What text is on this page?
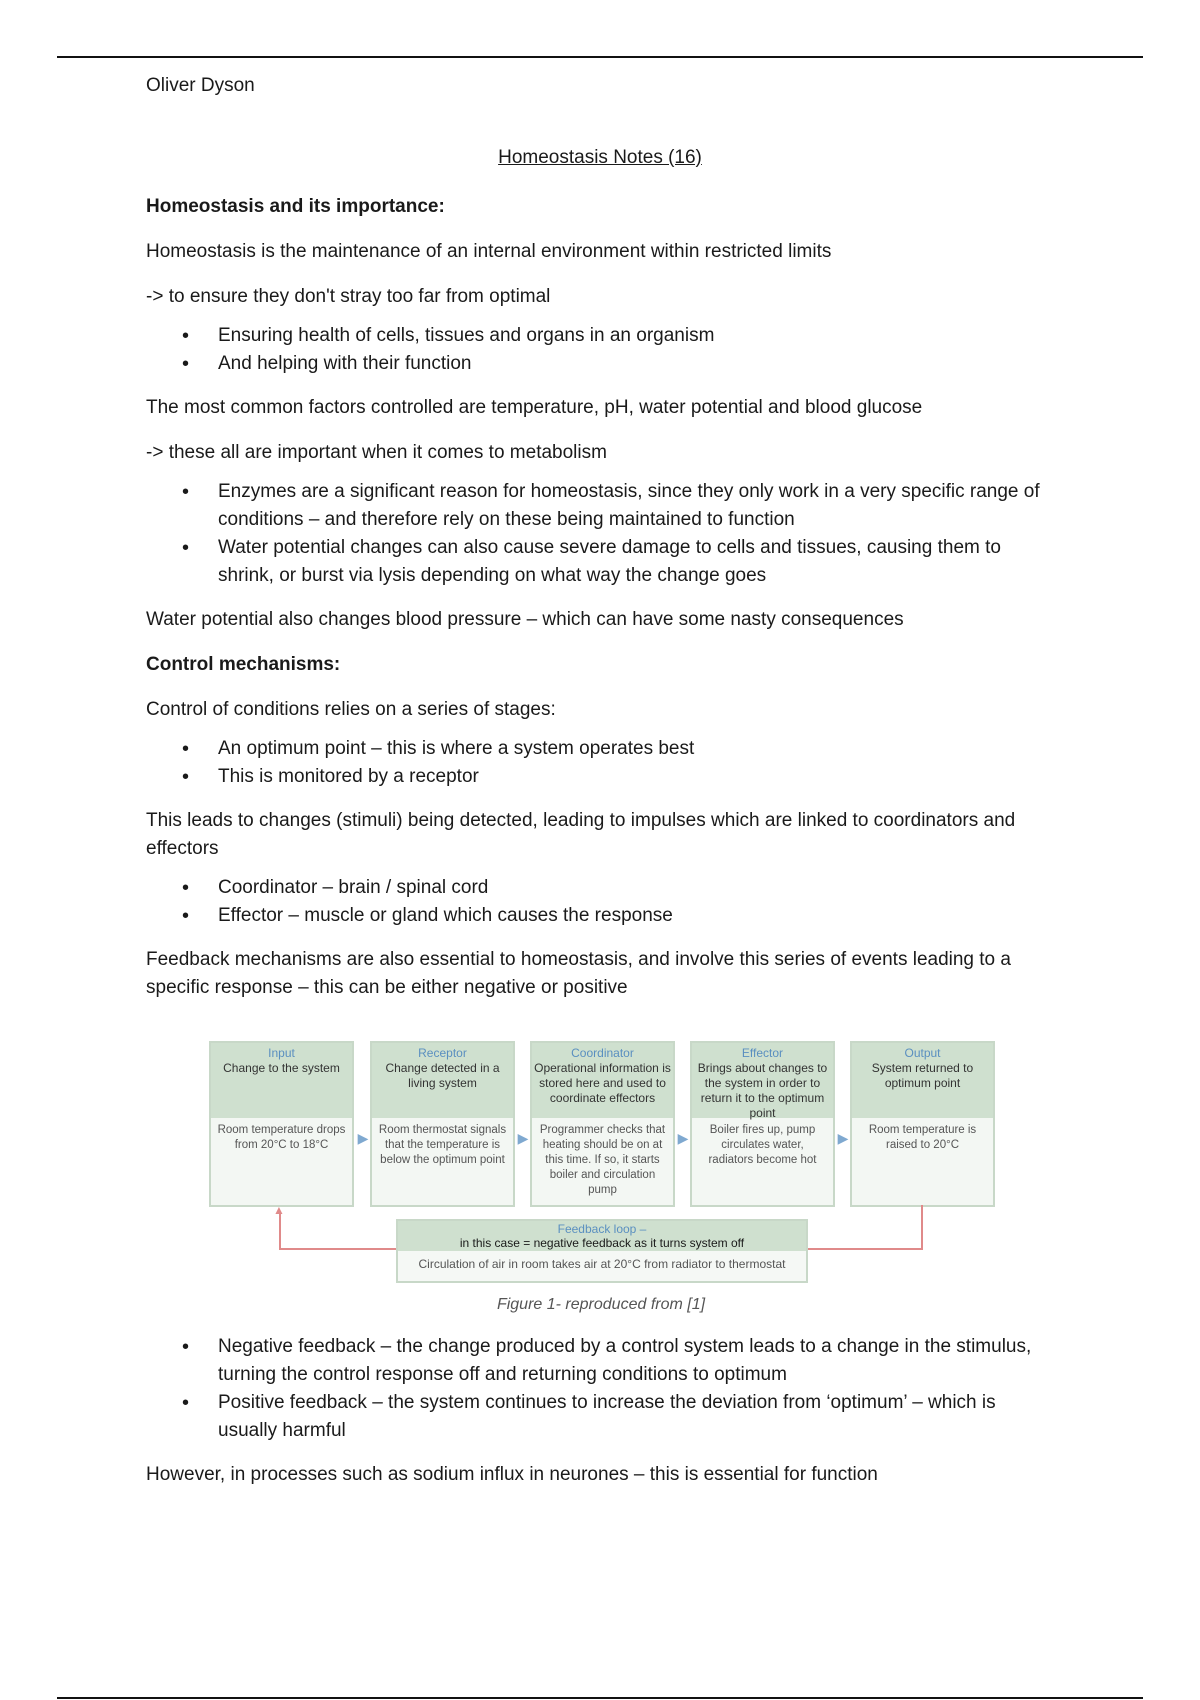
Oliver Dyson
Homeostasis Notes (16)
Homeostasis and its importance:

Homeostasis is the maintenance of an internal environment within restricted limits

-> to ensure they don't stray too far from optimal

• Ensuring health of cells, tissues and organs in an organism
• And helping with their function

The most common factors controlled are temperature, pH, water potential and blood glucose

-> these all are important when it comes to metabolism

• Enzymes are a significant reason for homeostasis, since they only work in a very specific range of conditions – and therefore rely on these being maintained to function
• Water potential changes can also cause severe damage to cells and tissues, causing them to shrink, or burst via lysis depending on what way the change goes

Water potential also changes blood pressure – which can have some nasty consequences

Control mechanisms:

Control of conditions relies on a series of stages:

• An optimum point – this is where a system operates best
• This is monitored by a receptor

This leads to changes (stimuli) being detected, leading to impulses which are linked to coordinators and effectors

• Coordinator – brain / spinal cord
• Effector – muscle or gland which causes the response

Feedback mechanisms are also essential to homeostasis, and involve this series of events leading to a specific response – this can be either negative or positive

Input
Change to the system
Room temperature drops from 20°C to 18°C	▶
Receptor
Change detected in a living system
Room thermostat signals that the temperature is below the optimum point
▶
Coordinator
Operational information is stored here and used to coordinate effectors
Programmer checks that heating should be on at this time. If so, it starts boiler and circulation pump
▶
Effector
Brings about changes to the system in order to return it to the optimum point
Boiler fires up, pump circulates water, radiators become hot
▶
Output
System returned to optimum point
Room temperature is raised to 20°C
▲
Feedback loop –
in this case = negative feedback as it turns system off
Circulation of air in room takes air at 20°C from radiator to thermostat
Figure 1- reproduced from [1]
• Negative feedback – the change produced by a control system leads to a change in the stimulus, turning the control response off and returning conditions to optimum
• Positive feedback – the system continues to increase the deviation from ‘optimum’ – which is usually harmful

However, in processes such as sodium influx in neurones – this is essential for function
